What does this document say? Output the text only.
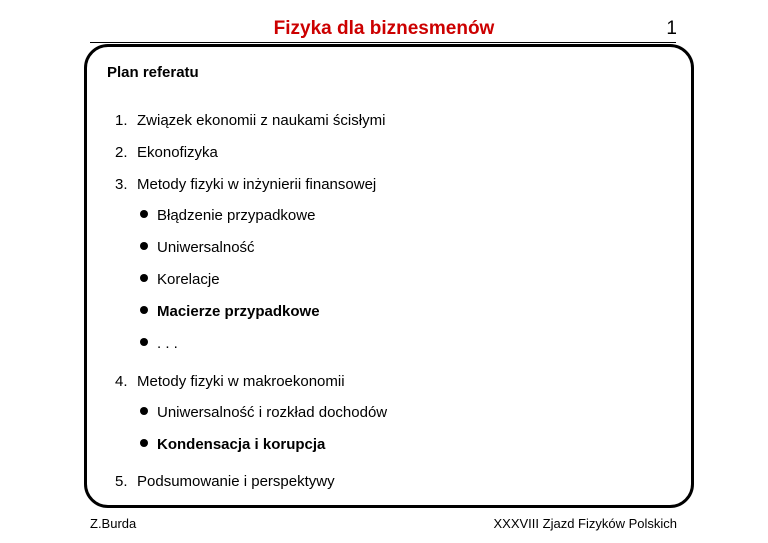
Fizyka dla biznesmenów	1
Plan referatu
1. Związek ekonomii z naukami ścisłymi
2. Ekonofizyka
3. Metody fizyki w inżynierii finansowej
Błądzenie przypadkowe
Uniwersalność
Korelacje
Macierze przypadkowe
. . .
4. Metody fizyki w makroekonomii
Uniwersalność i rozkład dochodów
Kondensacja i korupcja
5. Podsumowanie i perspektywy
Z.Burda	XXXVIII Zjazd Fizyków Polskich
